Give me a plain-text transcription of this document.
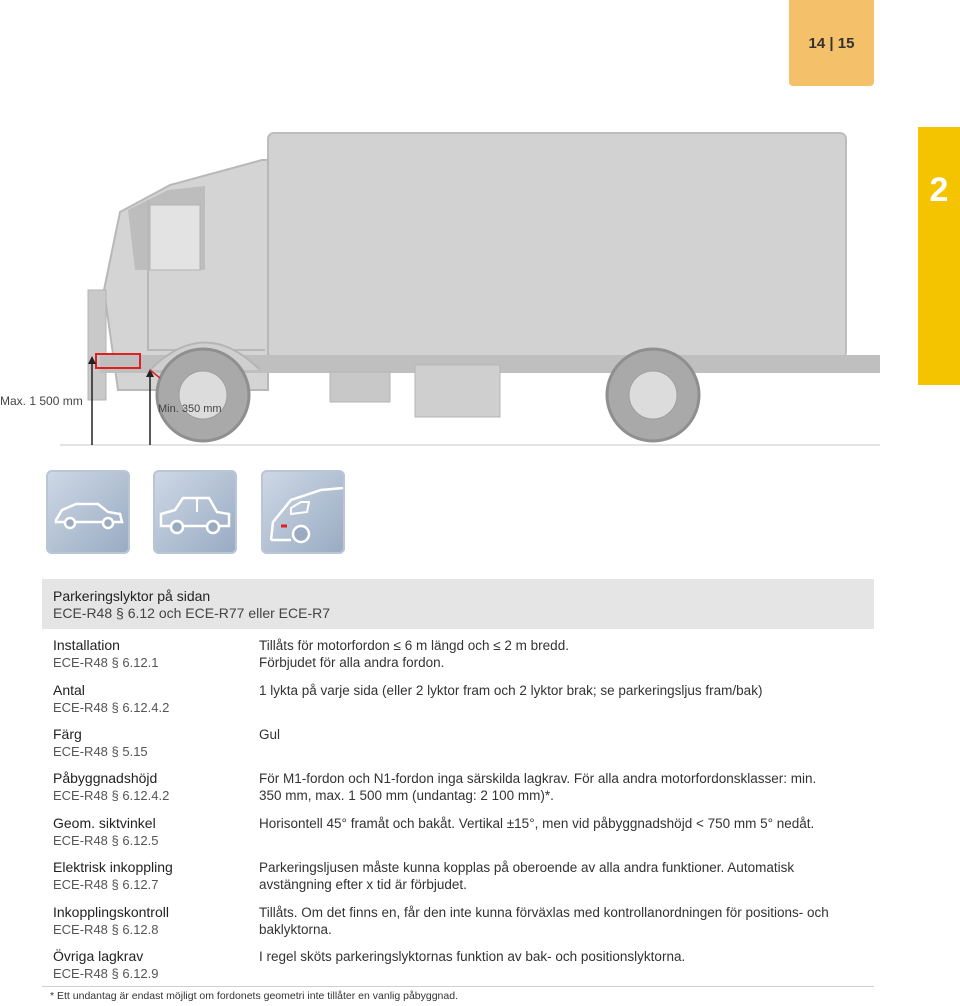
14 | 15
2
Max. 1 500 mm
Min. 350 mm
Parkeringslyktor på sidan
ECE-R48 § 6.12 och ECE-R77 eller ECE-R7
Installation
ECE-R48 § 6.12.1
Tillåts för motorfordon ≤ 6 m längd och ≤ 2 m bredd.
Förbjudet för alla andra fordon.
Antal
ECE-R48 § 6.12.4.2
1 lykta på varje sida (eller 2 lyktor fram och 2 lyktor brak; se parkeringsljus fram/bak)
Färg
ECE-R48 § 5.15
Gul
Påbyggnadshöjd
ECE-R48 § 6.12.4.2
För M1-fordon och N1-fordon inga särskilda lagkrav. För alla andra motorfordonsklasser: min.
350 mm, max. 1 500 mm (undantag: 2 100 mm)*.
Geom. siktvinkel
ECE-R48 § 6.12.5
Horisontell 45° framåt och bakåt. Vertikal ±15°, men vid påbyggnadshöjd < 750 mm 5° nedåt.
Elektrisk inkoppling
ECE-R48 § 6.12.7
Parkeringsljusen måste kunna kopplas på oberoende av alla andra funktioner. Automatisk
avstängning efter x tid är förbjudet.
Inkopplingskontroll
ECE-R48 § 6.12.8
Tillåts. Om det finns en, får den inte kunna förväxlas med kontrollanordningen för positions- och
baklyktorna.
Övriga lagkrav
ECE-R48 § 6.12.9
I regel sköts parkeringslyktornas funktion av bak- och positionslyktorna.
* Ett undantag är endast möjligt om fordonets geometri inte tillåter en vanlig påbyggnad.
